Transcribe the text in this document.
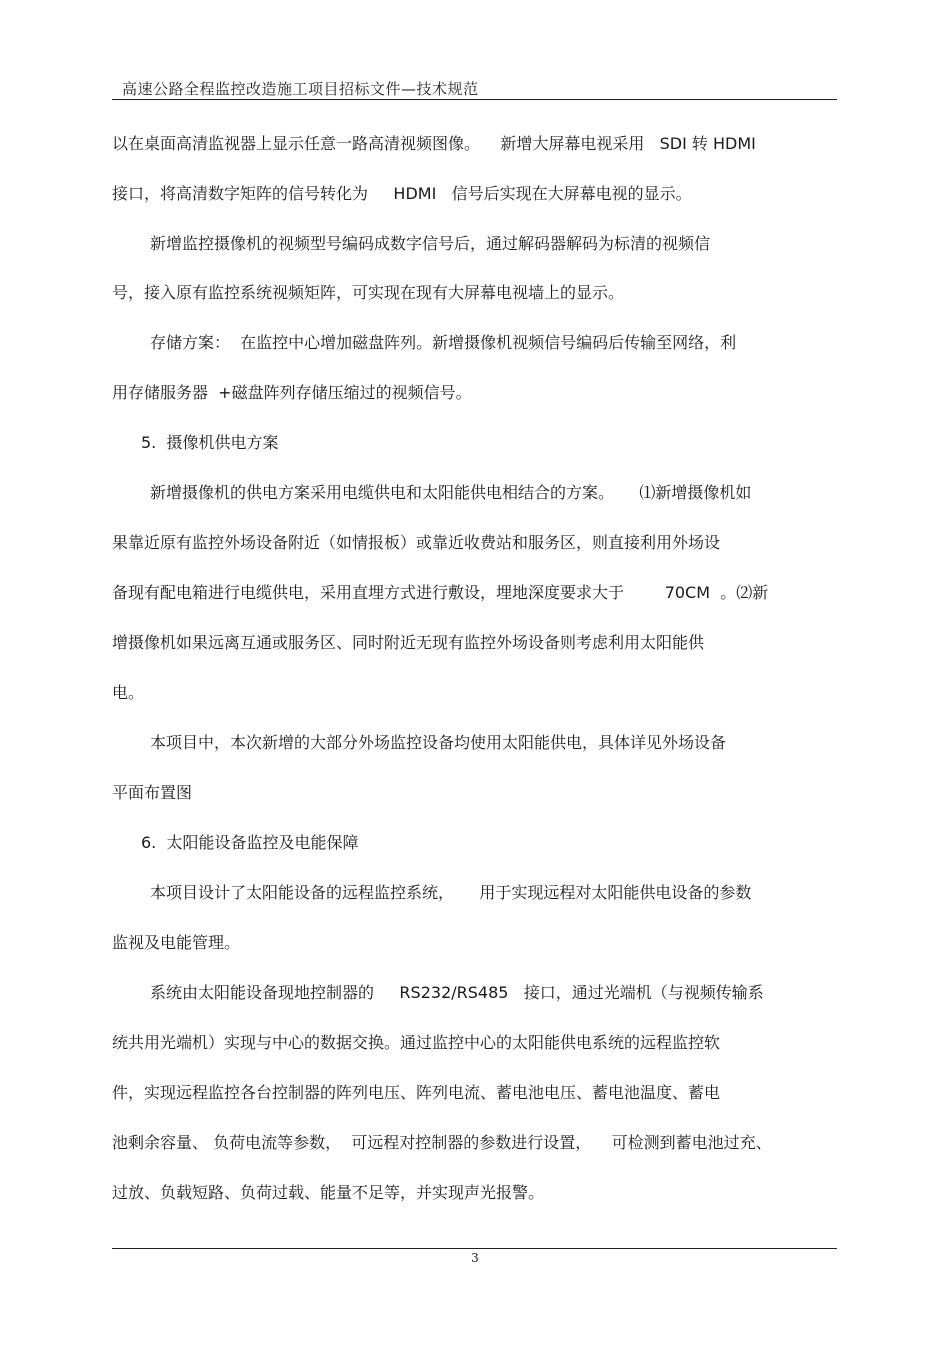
高速公路全程监控改造施工项目招标文件—技术规范
以在桌面高清监视器上显示任意一路高清视频图像。    新增大屏幕电视采用   SDI 转 HDMI
接口，将高清数字矩阵的信号转化为     HDMI   信号后实现在大屏幕电视的显示。
新增监控摄像机的视频型号编码成数字信号后，通过解码器解码为标清的视频信
号，接入原有监控系统视频矩阵，可实现在现有大屏幕电视墙上的显示。
存储方案：  在监控中心增加磁盘阵列。新增摄像机视频信号编码后传输至网络，利
用存储服务器  +磁盘阵列存储压缩过的视频信号。
5.  摄像机供电方案
新增摄像机的供电方案采用电缆供电和太阳能供电相结合的方案。     ⑴新增摄像机如
果靠近原有监控外场设备附近（如情报板）或靠近收费站和服务区，则直接利用外场设
备现有配电箱进行电缆供电，采用直埋方式进行敷设，埋地深度要求大于        70CM  。⑵新
增摄像机如果远离互通或服务区、同时附近无现有监控外场设备则考虑利用太阳能供
电。
本项目中，本次新增的大部分外场监控设备均使用太阳能供电，具体详见外场设备
平面布置图
6.  太阳能设备监控及电能保障
本项目设计了太阳能设备的远程监控系统，     用于实现远程对太阳能供电设备的参数
监视及电能管理。
系统由太阳能设备现地控制器的     RS232/RS485   接口，通过光端机（与视频传输系
统共用光端机）实现与中心的数据交换。通过监控中心的太阳能供电系统的远程监控软
件，实现远程监控各台控制器的阵列电压、阵列电流、蓄电池电压、蓄电池温度、蓄电
池剩余容量、 负荷电流等参数，  可远程对控制器的参数进行设置，    可检测到蓄电池过充、
过放、负载短路、负荷过载、能量不足等，并实现声光报警。
3
